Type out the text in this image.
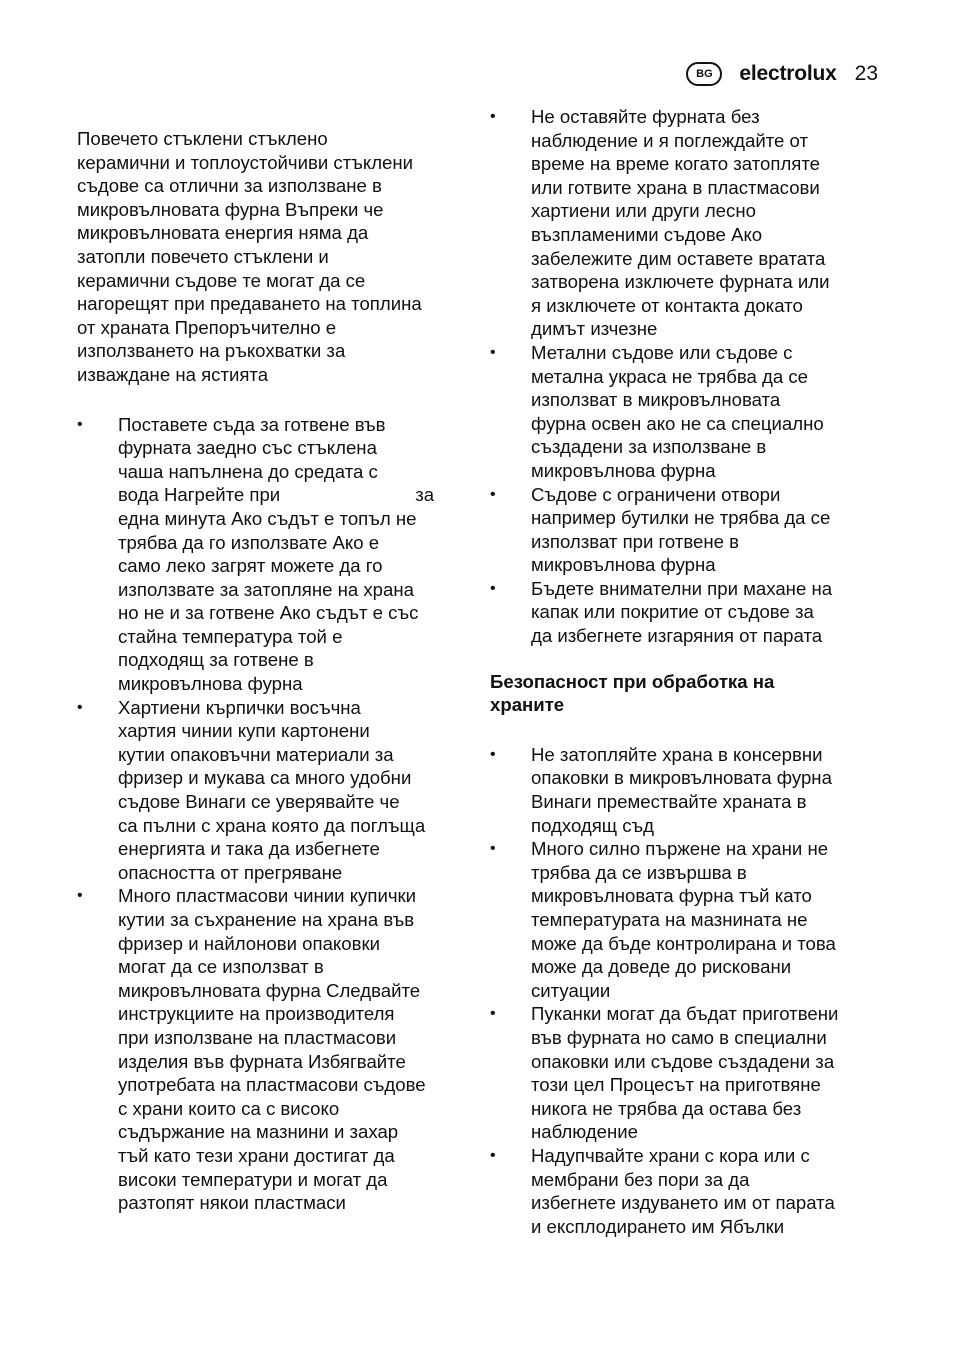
BG	electrolux 23
Повечето стъклени стъклено
керамични и топлоустойчиви стъклени
съдове са отлични за използване в
микровълновата фурна Въпреки че
микровълновата енергия няма да
затопли повечето стъклени и
керамични съдове те могат да се
нагорещят при предаването на топлина
от храната Препоръчително е
използването на ръкохватки за
изваждане на ястията
•	Поставете съда за готвене във
фурната заедно със стъклена
чаша напълнена до средата с
вода Нагрейте при	за
една минута Ако съдът е топъл не
трябва да го използвате Ако е
само леко загрят можете да го
използвате за затопляне на храна
но не и за готвене Ако съдът е със
стайна температура той е
подходящ за готвене в
микровълнова фурна
•	Хартиени кърпички восъчна
хартия чинии купи картонени
кутии опаковъчни материали за
фризер и мукава са много удобни
съдове Винаги се уверявайте че
са пълни с храна която да поглъща
енергията и така да избегнете
опасността от прегряване
•	Много пластмасови чинии купички
кутии за съхранение на храна във
фризер и найлонови опаковки
могат да се използват в
микровълновата фурна Следвайте
инструкциите на производителя
при използване на пластмасови
изделия във фурната Избягвайте
употребата на пластмасови съдове
с храни които са с високо
съдържание на мазнини и захар
тъй като тези храни достигат да
високи температури и могат да
разтопят някои пластмаси
•	Не оставяйте фурната без
наблюдение и я поглеждайте от
време на време когато затопляте
или готвите храна в пластмасови
хартиени или други лесно
възпламеними съдове Ако
забележите дим оставете вратата
затворена изключете фурната или
я изключете от контакта докато
димът изчезне
•	Метални съдове или съдове с
метална украса не трябва да се
използват в микровълновата
фурна освен ако не са специално
създадени за използване в
микровълнова фурна
•	Съдове с ограничени отвори
например бутилки не трябва да се
използват при готвене в
микровълнова фурна
•	Бъдете внимателни при махане на
капак или покритие от съдове за
да избегнете изгаряния от парата
Безопасност при обработка на
храните
•	Не затопляйте храна в консервни
опаковки в микровълновата фурна
Винаги премествайте храната в
подходящ съд
•	Много силно пържене на храни не
трябва да се извършва в
микровълновата фурна тъй като
температурата на мазнината не
може да бъде контролирана и това
може да доведе до рисковани
ситуации
•	Пуканки могат да бъдат приготвени
във фурната но само в специални
опаковки или съдове създадени за
този цел Процесът на приготвяне
никога не трябва да остава без
наблюдение
•	Надупчвайте храни с кора или с
мембрани без пори за да
избегнете издуването им от парата
и експлодирането им Ябълки
